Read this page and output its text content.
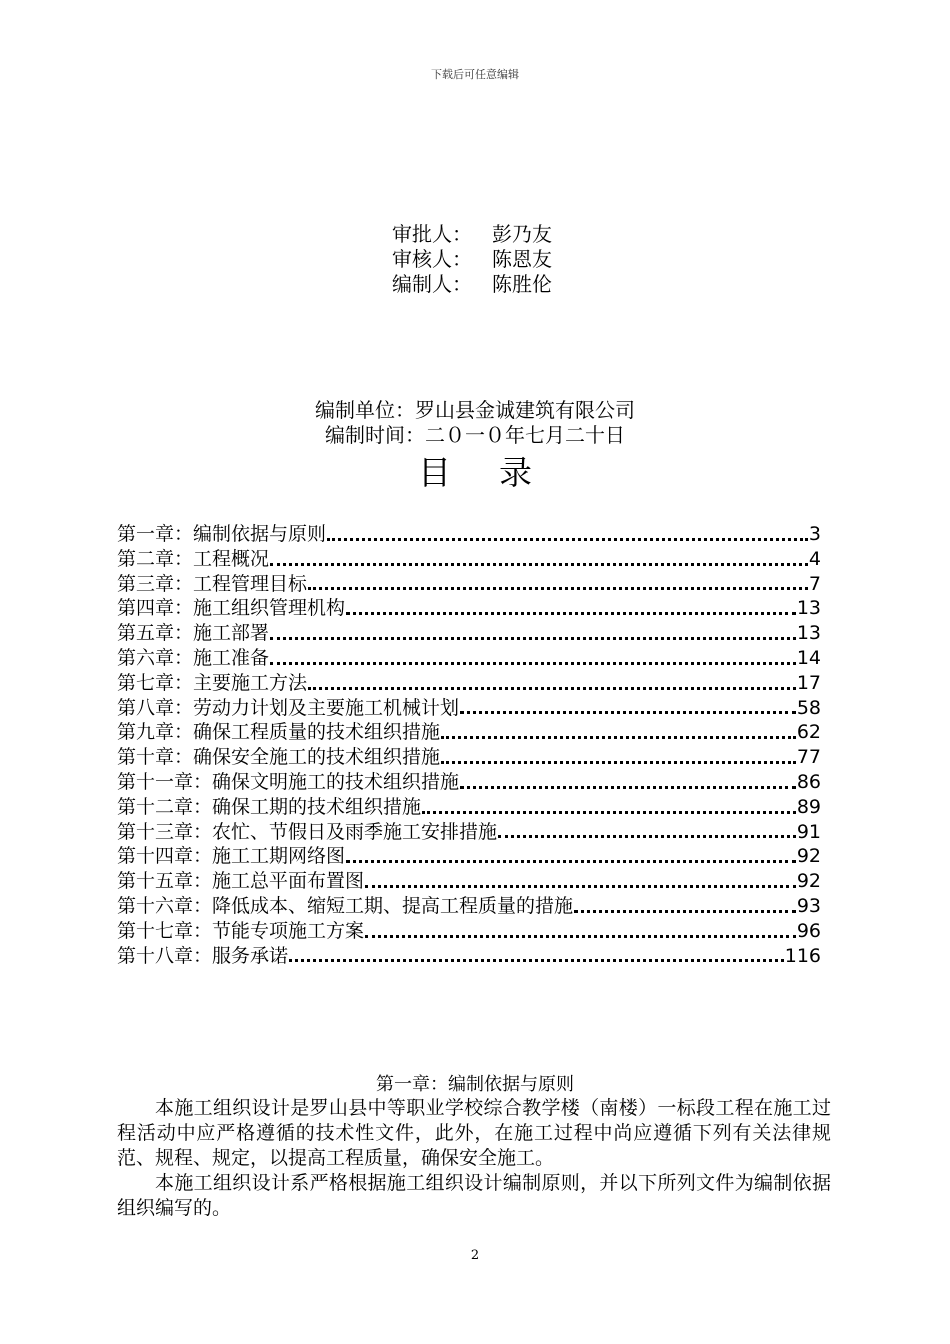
下载后可任意编辑
审批人： 彭乃友
审核人： 陈恩友
编制人： 陈胜伦
编制单位：罗山县金诚建筑有限公司
编制时间：二０一０年七月二十日
目录
第一章：编制依据与原则	3
第二章：工程概况	4
第三章：工程管理目标	7
第四章：施工组织管理机构	13
第五章：施工部署	13
第六章：施工准备	14
第七章：主要施工方法	17
第八章：劳动力计划及主要施工机械计划	58
第九章：确保工程质量的技术组织措施	62
第十章：确保安全施工的技术组织措施	77
第十一章：确保文明施工的技术组织措施	86
第十二章：确保工期的技术组织措施	89
第十三章：农忙、节假日及雨季施工安排措施	91
第十四章：施工工期网络图	92
第十五章：施工总平面布置图	92
第十六章：降低成本、缩短工期、提高工程质量的措施	93
第十七章：节能专项施工方案	96
第十八章：服务承诺	116
第一章：编制依据与原则

本施工组织设计是罗山县中等职业学校综合教学楼（南楼）一标段工程在施工过程活动中应严格遵循的技术性文件，此外，在施工过程中尚应遵循下列有关法律规范、规程、规定，以提高工程质量，确保安全施工。

本施工组织设计系严格根据施工组织设计编制原则，并以下所列文件为编制依据组织编写的。

2
